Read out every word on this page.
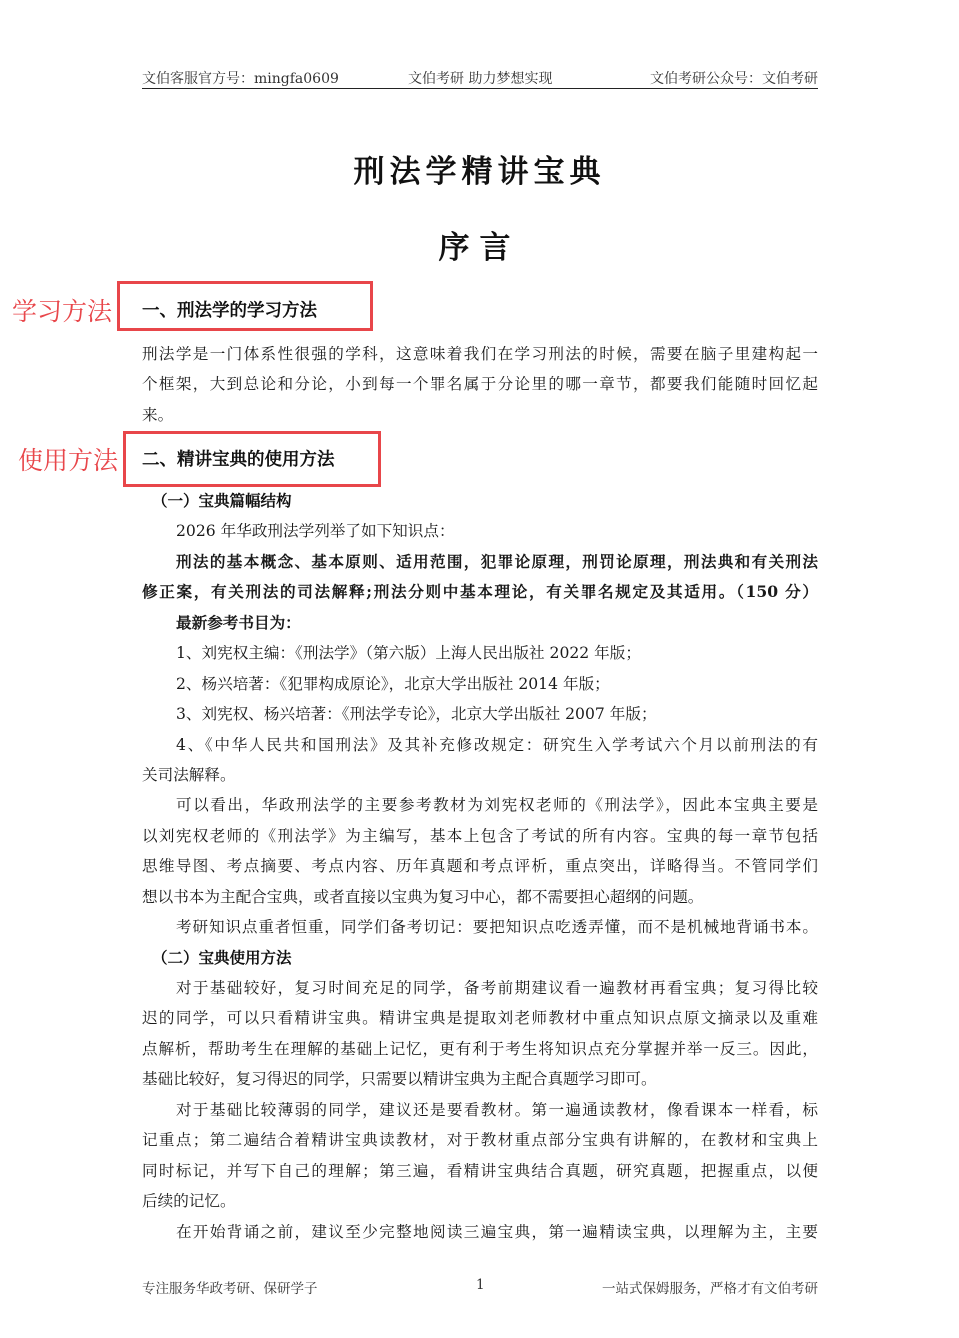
文伯客服官方号：mingfa0609	文伯考研 助力梦想实现	文伯考研公众号：文伯考研
刑法学精讲宝典
序言
学习方法
使用方法
一、刑法学的学习方法
刑法学是一门体系性很强的学科，这意味着我们在学习刑法的时候，需要在脑子里建构起一
个框架，大到总论和分论，小到每一个罪名属于分论里的哪一章节，都要我们能随时回忆起
来。
二、精讲宝典的使用方法
（一）宝典篇幅结构
2026 年华政刑法学列举了如下知识点：
刑法的基本概念、基本原则、适用范围，犯罪论原理，刑罚论原理，刑法典和有关刑法
修正案，有关刑法的司法解释;刑法分则中基本理论，有关罪名规定及其适用。（150 分）
最新参考书目为：
1、刘宪权主编：《刑法学》（第六版）上海人民出版社 2022 年版；
2、杨兴培著：《犯罪构成原论》，北京大学出版社 2014 年版；
3、刘宪权、杨兴培著：《刑法学专论》，北京大学出版社 2007 年版；
4、《中华人民共和国刑法》及其补充修改规定：研究生入学考试六个月以前刑法的有
关司法解释。
可以看出，华政刑法学的主要参考教材为刘宪权老师的《刑法学》，因此本宝典主要是
以刘宪权老师的《刑法学》为主编写，基本上包含了考试的所有内容。宝典的每一章节包括
思维导图、考点摘要、考点内容、历年真题和考点评析，重点突出，详略得当。不管同学们
想以书本为主配合宝典，或者直接以宝典为复习中心，都不需要担心超纲的问题。
考研知识点重者恒重，同学们备考切记：要把知识点吃透弄懂，而不是机械地背诵书本。
（二）宝典使用方法
对于基础较好，复习时间充足的同学，备考前期建议看一遍教材再看宝典；复习得比较
迟的同学，可以只看精讲宝典。精讲宝典是提取刘老师教材中重点知识点原文摘录以及重难
点解析，帮助考生在理解的基础上记忆，更有利于考生将知识点充分掌握并举一反三。因此，
基础比较好，复习得迟的同学，只需要以精讲宝典为主配合真题学习即可。
对于基础比较薄弱的同学，建议还是要看教材。第一遍通读教材，像看课本一样看，标
记重点；第二遍结合着精讲宝典读教材，对于教材重点部分宝典有讲解的，在教材和宝典上
同时标记，并写下自己的理解；第三遍，看精讲宝典结合真题，研究真题，把握重点，以便
后续的记忆。
在开始背诵之前，建议至少完整地阅读三遍宝典，第一遍精读宝典，以理解为主，主要
专注服务华政考研、保研学子	1	一站式保姆服务，严格才有文伯考研
